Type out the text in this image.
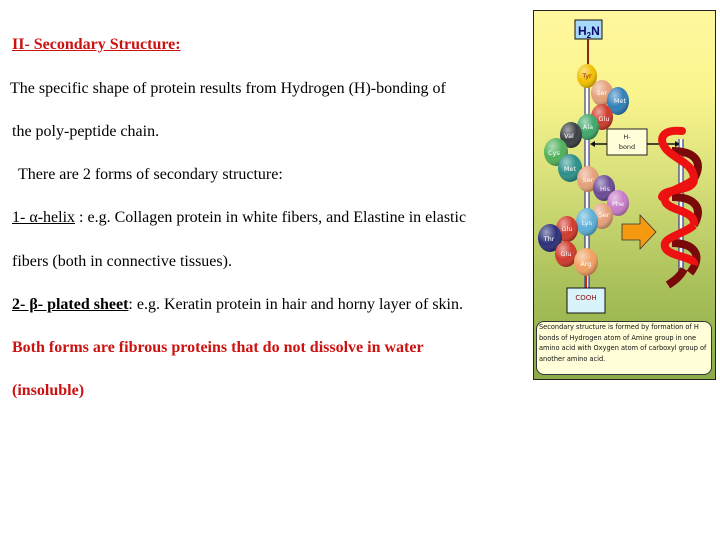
II- Secondary Structure:
The specific shape of protein results from Hydrogen (H)-bonding of
the poly-peptide chain.
There are 2 forms of secondary structure:
1- α-helix : e.g. Collagen protein in white fibers, and Elastine in elastic
fibers (both in connective tissues).
2- β- plated sheet: e.g. Keratin protein in hair and horny layer of skin.
Both forms are fibrous proteins that do not dissolve in water
(insoluble)
$H_2N$
H-
bond
Tyr
Ser
Met
Glu
Ala
Val
Cys
Met
Ser
His
Phe
Ser
Lys
Glu
Thr
Glu
Arg
COOH
Secondary structure is formed by formation of H bonds of Hydrogen atom of Amine group in one amino acid with Oxygen atom of carboxyl group of another amino acid.
